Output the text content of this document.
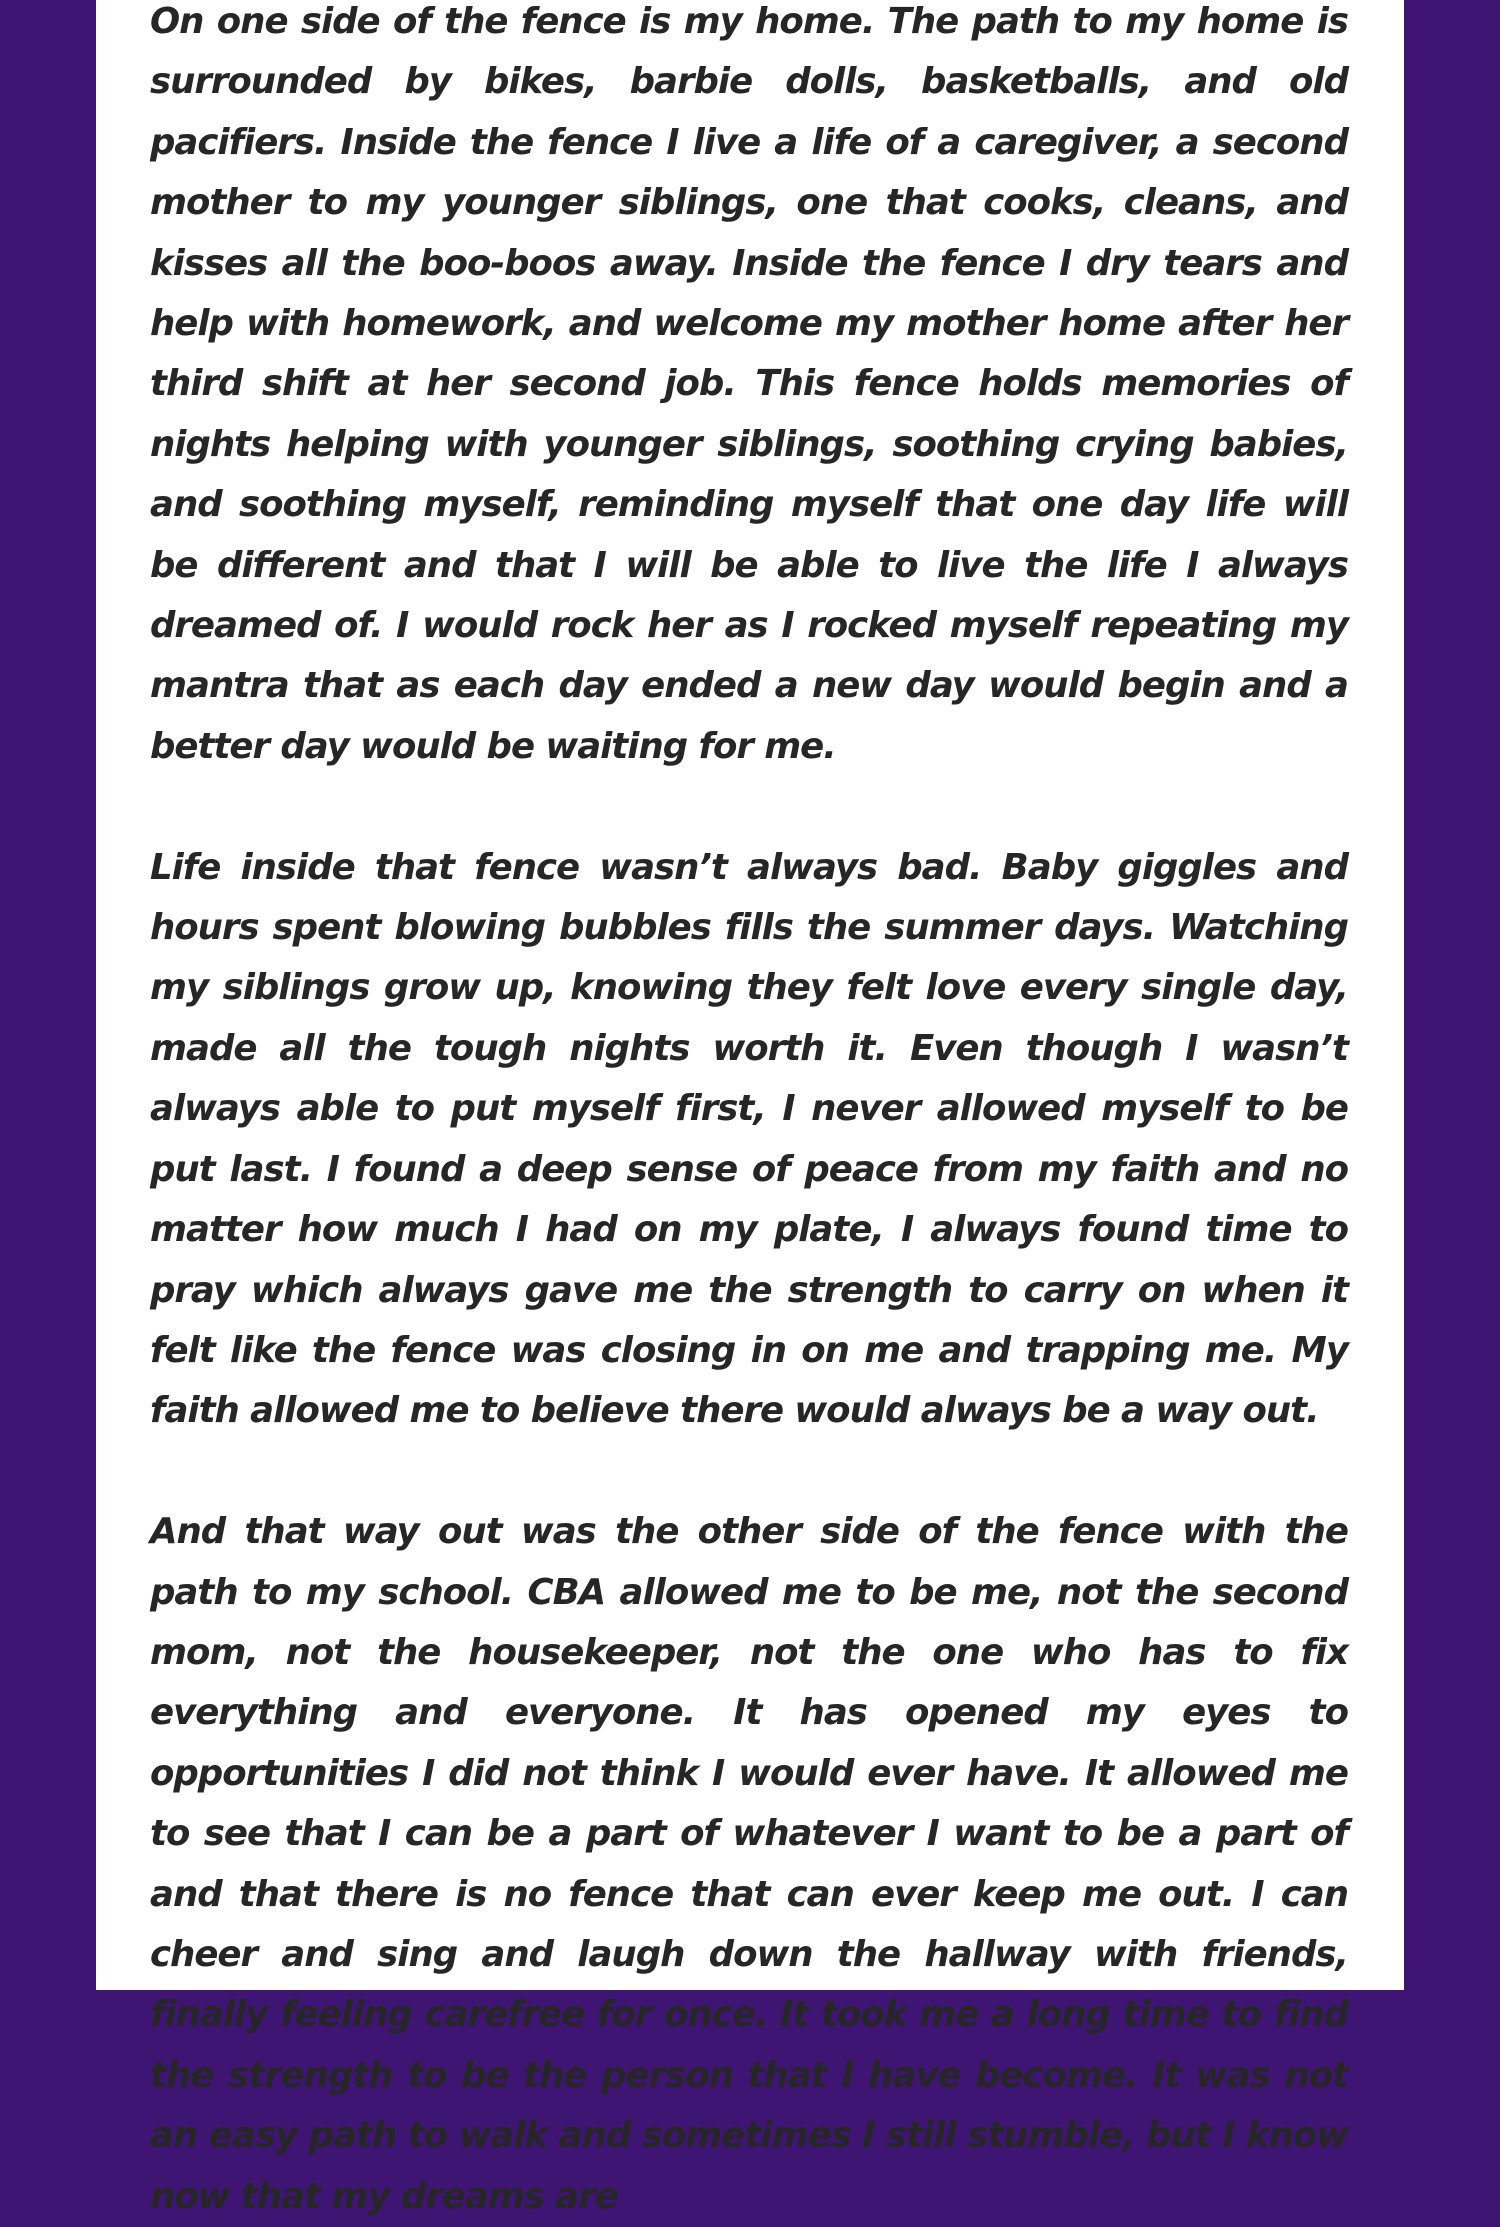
On one side of the fence is my home. The path to my home is surrounded by bikes, barbie dolls, basketballs, and old pacifiers. Inside the fence I live a life of a caregiver, a second mother to my younger siblings, one that cooks, cleans, and kisses all the boo-boos away. Inside the fence I dry tears and help with homework, and welcome my mother home after her third shift at her second job. This fence holds memories of nights helping with younger siblings, soothing crying babies, and soothing myself, reminding myself that one day life will be different and that I will be able to live the life I always dreamed of. I would rock her as I rocked myself repeating my mantra that as each day ended a new day would begin and a better day would be waiting for me.

Life inside that fence wasn’t always bad. Baby giggles and hours spent blowing bubbles fills the summer days. Watching my siblings grow up, knowing they felt love every single day, made all the tough nights worth it. Even though I wasn’t always able to put myself first, I never allowed myself to be put last. I found a deep sense of peace from my faith and no matter how much I had on my plate, I always found time to pray which always gave me the strength to carry on when it felt like the fence was closing in on me and trapping me. My faith allowed me to believe there would always be a way out.

And that way out was the other side of the fence with the path to my school. CBA allowed me to be me, not the second mom, not the housekeeper, not the one who has to fix everything and everyone. It has opened my eyes to opportunities I did not think I would ever have. It allowed me to see that I can be a part of whatever I want to be a part of and that there is no fence that can ever keep me out. I can cheer and sing and laugh down the hallway with friends, finally feeling carefree for once. It took me a long time to find the strength to be the person that I have become. It was not an easy path to walk and sometimes I still stumble, but I know now that my dreams are
